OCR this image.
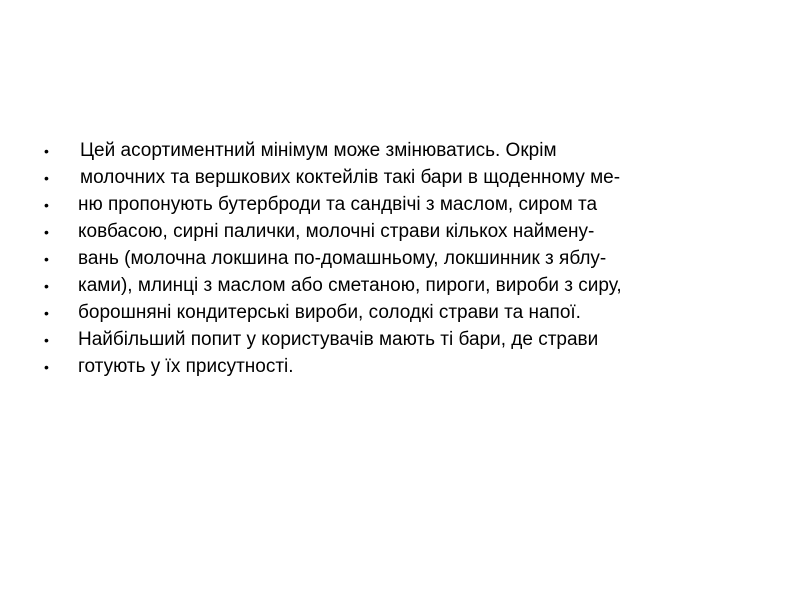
•	Цей асортиментний мінімум може змінюватись. Окрім
•	молочних та вершкових коктейлів такі бари в щоденному ме-
•	ню пропонують бутерброди та сандвічі з маслом, сиром та
•	ковбасою, сирні палички, молочні страви кількох наймену-
•	вань (молочна локшина по-домашньому, локшинник з яблу-
•	ками), млинці з маслом або сметаною, пироги, вироби з сиру,
•	борошняні кондитерські вироби, солодкі страви та напої.
•	Найбільший попит у користувачів мають ті бари, де страви
•	готують у їх присутності.
